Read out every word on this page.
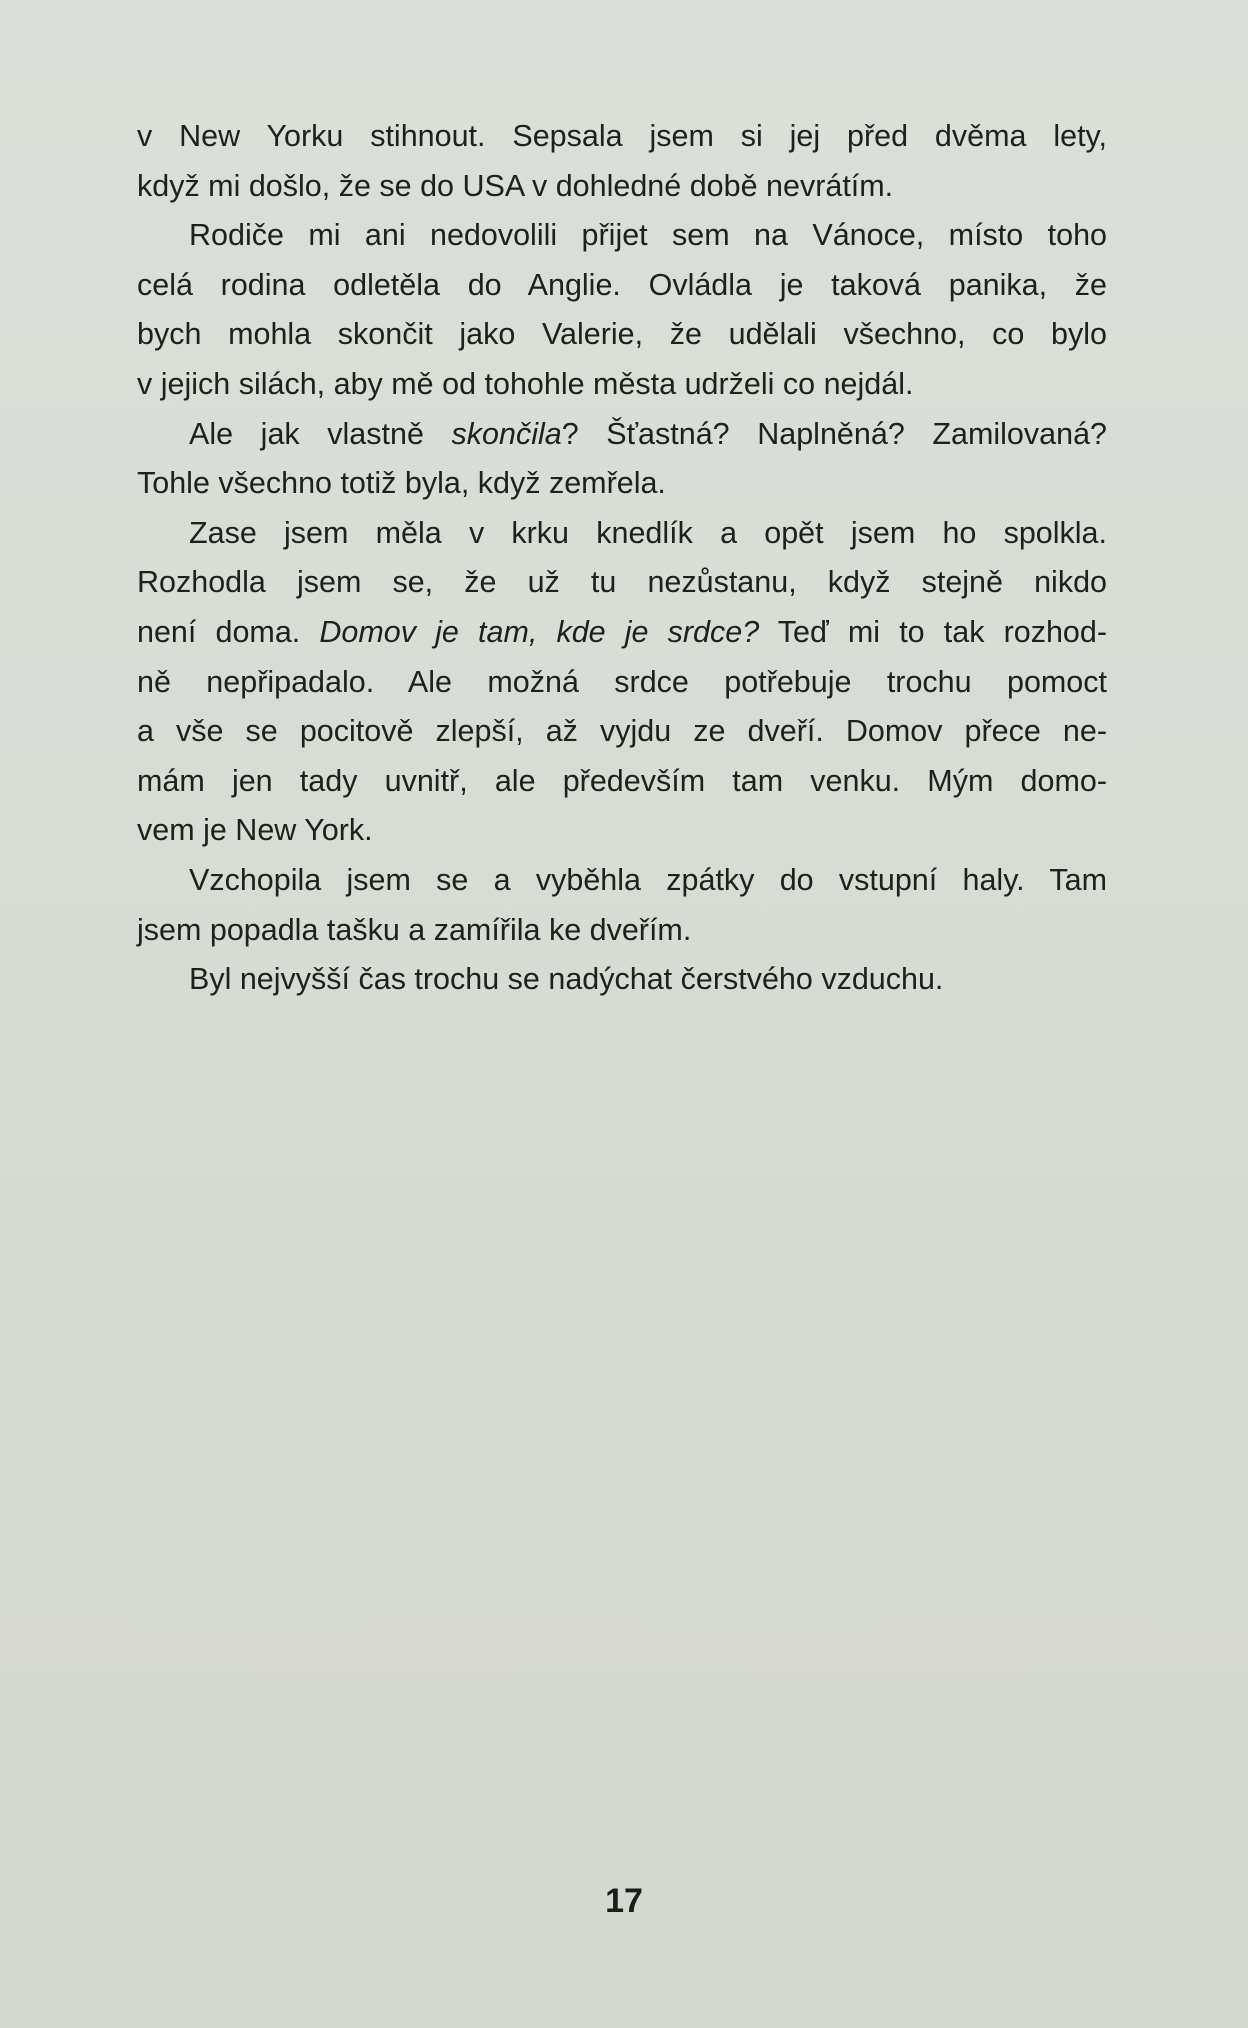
v New Yorku stihnout. Sepsala jsem si jej před dvěma lety,
když mi došlo, že se do USA v dohledné době nevrátím.
Rodiče mi ani nedovolili přijet sem na Vánoce, místo toho
celá rodina odletěla do Anglie. Ovládla je taková panika, že
bych mohla skončit jako Valerie, že udělali všechno, co bylo
v jejich silách, aby mě od tohohle města udrželi co nejdál.
Ale jak vlastně skončila? Šťastná? Naplněná? Zamilovaná?
Tohle všechno totiž byla, když zemřela.
Zase jsem měla v krku knedlík a opět jsem ho spolkla.
Rozhodla jsem se, že už tu nezůstanu, když stejně nikdo
není doma. Domov je tam, kde je srdce? Teď mi to tak rozhod-
ně nepřipadalo. Ale možná srdce potřebuje trochu pomoct
a vše se pocitově zlepší, až vyjdu ze dveří. Domov přece ne-
mám jen tady uvnitř, ale především tam venku. Mým domo-
vem je New York.
Vzchopila jsem se a vyběhla zpátky do vstupní haly. Tam
jsem popadla tašku a zamířila ke dveřím.
Byl nejvyšší čas trochu se nadýchat čerstvého vzduchu.
17
